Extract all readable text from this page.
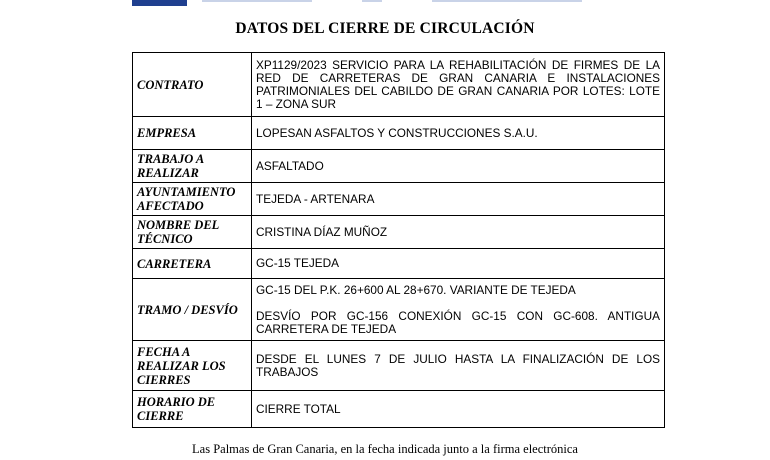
DATOS DEL CIERRE DE CIRCULACIÓN
CONTRATO	XP1129/2023 SERVICIO PARA LA REHABILITACIÓN DE FIRMES DE LA RED DE CARRETERAS DE GRAN CANARIA E INSTALACIONES PATRIMONIALES DEL CABILDO DE GRAN CANARIA POR LOTES: LOTE 1 – ZONA SUR
EMPRESA	LOPESAN ASFALTOS Y CONSTRUCCIONES S.A.U.
TRABAJO A REALIZAR	ASFALTADO
AYUNTAMIENTO AFECTADO	TEJEDA - ARTENARA
NOMBRE DEL TÉCNICO	CRISTINA DÍAZ MUÑOZ
CARRETERA	GC-15 TEJEDA
TRAMO / DESVÍO	GC-15 DEL P.K. 26+600 AL 28+670. VARIANTE DE TEJEDA
DESVÍO POR GC-156 CONEXIÓN GC-15 CON GC-608. ANTIGUA CARRETERA DE TEJEDA

FECHA A REALIZAR LOS CIERRES	DESDE EL LUNES 7 DE JULIO HASTA LA FINALIZACIÓN DE LOS TRABAJOS
HORARIO DE CIERRE	CIERRE TOTAL
Las Palmas de Gran Canaria, en la fecha indicada junto a la firma electrónica
